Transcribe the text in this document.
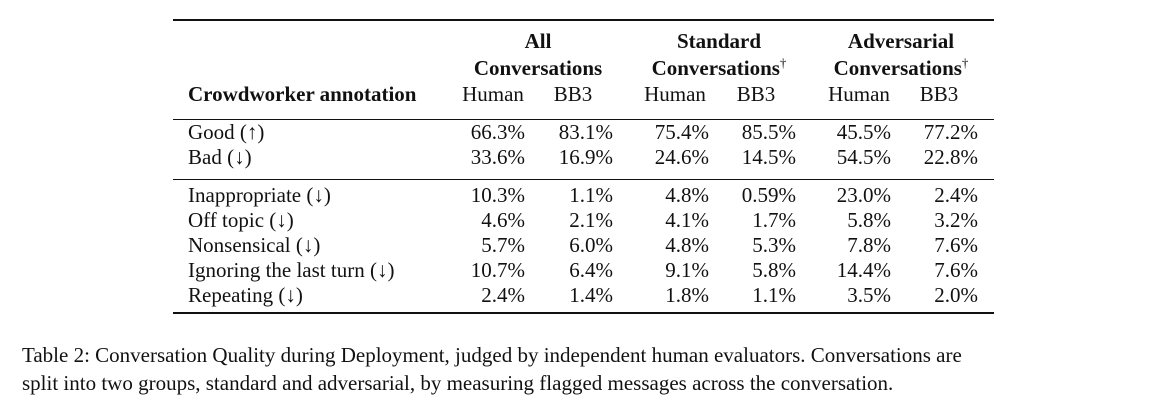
All
Conversations
Standard
Conversations†
Adversarial
Conversations†
Crowdworker annotation	Human	BB3	Human	BB3	Human	BB3
Good (↑)	66.3%	83.1%	75.4%	85.5%	45.5%	77.2%
Bad (↓)	33.6%	16.9%	24.6%	14.5%	54.5%	22.8%
Inappropriate (↓)	10.3%	1.1%	4.8%	0.59%	23.0%	2.4%
Off topic (↓)	4.6%	2.1%	4.1%	1.7%	5.8%	3.2%
Nonsensical (↓)	5.7%	6.0%	4.8%	5.3%	7.8%	7.6%
Ignoring the last turn (↓)	10.7%	6.4%	9.1%	5.8%	14.4%	7.6%
Repeating (↓)	2.4%	1.4%	1.8%	1.1%	3.5%	2.0%

Table 2: Conversation Quality during Deployment, judged by independent human evaluators. Conversations are

split into two groups, standard and adversarial, by measuring flagged messages across the conversation.
